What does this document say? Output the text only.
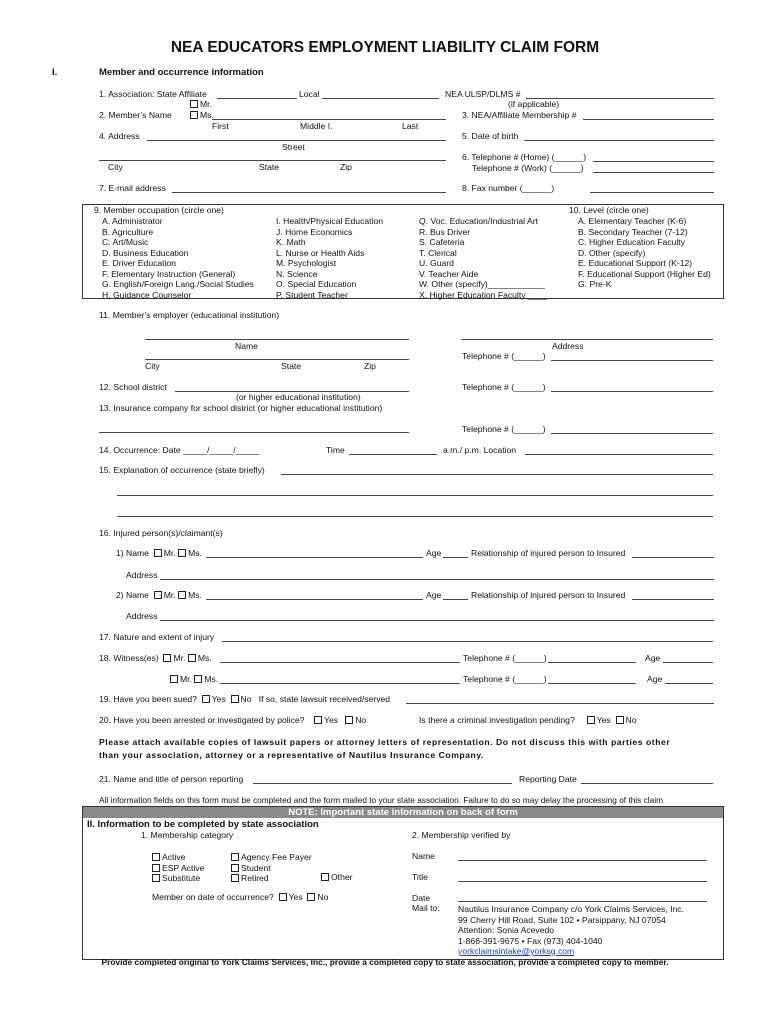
NEA EDUCATORS EMPLOYMENT LIABILITY CLAIM FORM
I.	Member and occurrence information
1. Association: State Affiliate	Local	NEA ULSP/DLMS #
(if applicable)
Mr.
2. Member’s Name	Ms.
First	Middle I.	Last
3. NEA/Affiliate Membership #
4. Address
Street
5. Date of birth
City	State	Zip
6. Telephone # (Home) (______)
Telephone # (Work) (______)
7. E-mail address	8. Fax number (______)
9. Member occupation (circle one)
A. Administrator
B. Agriculture
C. Art/Music
D. Business Education
E. Driver Education
F. Elementary Instruction (General)
G. English/Foreign Lang./Social Studies
H. Guidance Counselor
I. Health/Physical Education
J. Home Economics
K. Math
L. Nurse or Health Aids
M. Psychologist
N. Science
O. Special Education
P. Student Teacher
Q. Voc. Education/Industrial Art
R. Bus Driver
S. Cafeteria
T. Clerical
U. Guard
V. Teacher Aide
W. Other (specify)____________
X. Higher Education Faculty ____
10. Level (circle one)
A. Elementary Teacher (K-6)
B. Secondary Teacher (7-12)
C. Higher Education Faculty
D. Other (specify)
E. Educational Support (K-12)
F. Educational Support (Higher Ed)
G. Pre-K
11. Member’s employer (educational institution)
Name	Address
City	State	Zip
Telephone # (______)
12. School district
(or higher educational institution)
Telephone # (______)
13. Insurance company for school district (or higher educational institution)
Telephone # (______)
14. Occurrence: Date _____/_____/_____	Time	a.m./ p.m. Location
15. Explanation of occurrence (state briefly)
16. Injured person(s)/claimant(s)
1) Name Mr. Ms.	Age	Relationship of injured person to Insured
Address
2) Name Mr. Ms.	Age	Relationship of injured person to Insured
Address
17. Nature and extent of injury
18. Witness(es) Mr. Ms.	Telephone # (______)	Age
Mr. Ms.	Telephone # (______)	Age
19. Have you been sued? Yes No If so, state lawsuit received/served
20. Have you been arrested or investigated by police? Yes No	Is there a criminal investigation pending?	Yes No
Please attach available copies of lawsuit papers or attorney letters of representation. Do not discuss this with parties other
than your association, attorney or a representative of Nautilus Insurance Company.
21. Name and title of person reporting	Reporting Date
All information fields on this form must be completed and the form mailed to your state association. Failure to do so may delay the processing of this claim
NOTE: Important state information on back of form
II. Information to be completed by state association
1. Membership category	2. Membership verified by
Active
ESP Active
Substitute
Agency Fee Payer
Student
Retired	Other
Name
Title
Member on date of occurrence? Yes No	Date
Mail to: Nautilus Insurance Company c/o York Claims Services, Inc.
99 Cherry Hill Road, Suite 102 • Parsippany, NJ 07054
Attention: Sonia Acevedo
1-866-391-9675 • Fax (973) 404-1040
yorkclaimsintake@yorksg.com
Provide completed original to York Claims Services, Inc., provide a completed copy to state association, provide a completed copy to member.
